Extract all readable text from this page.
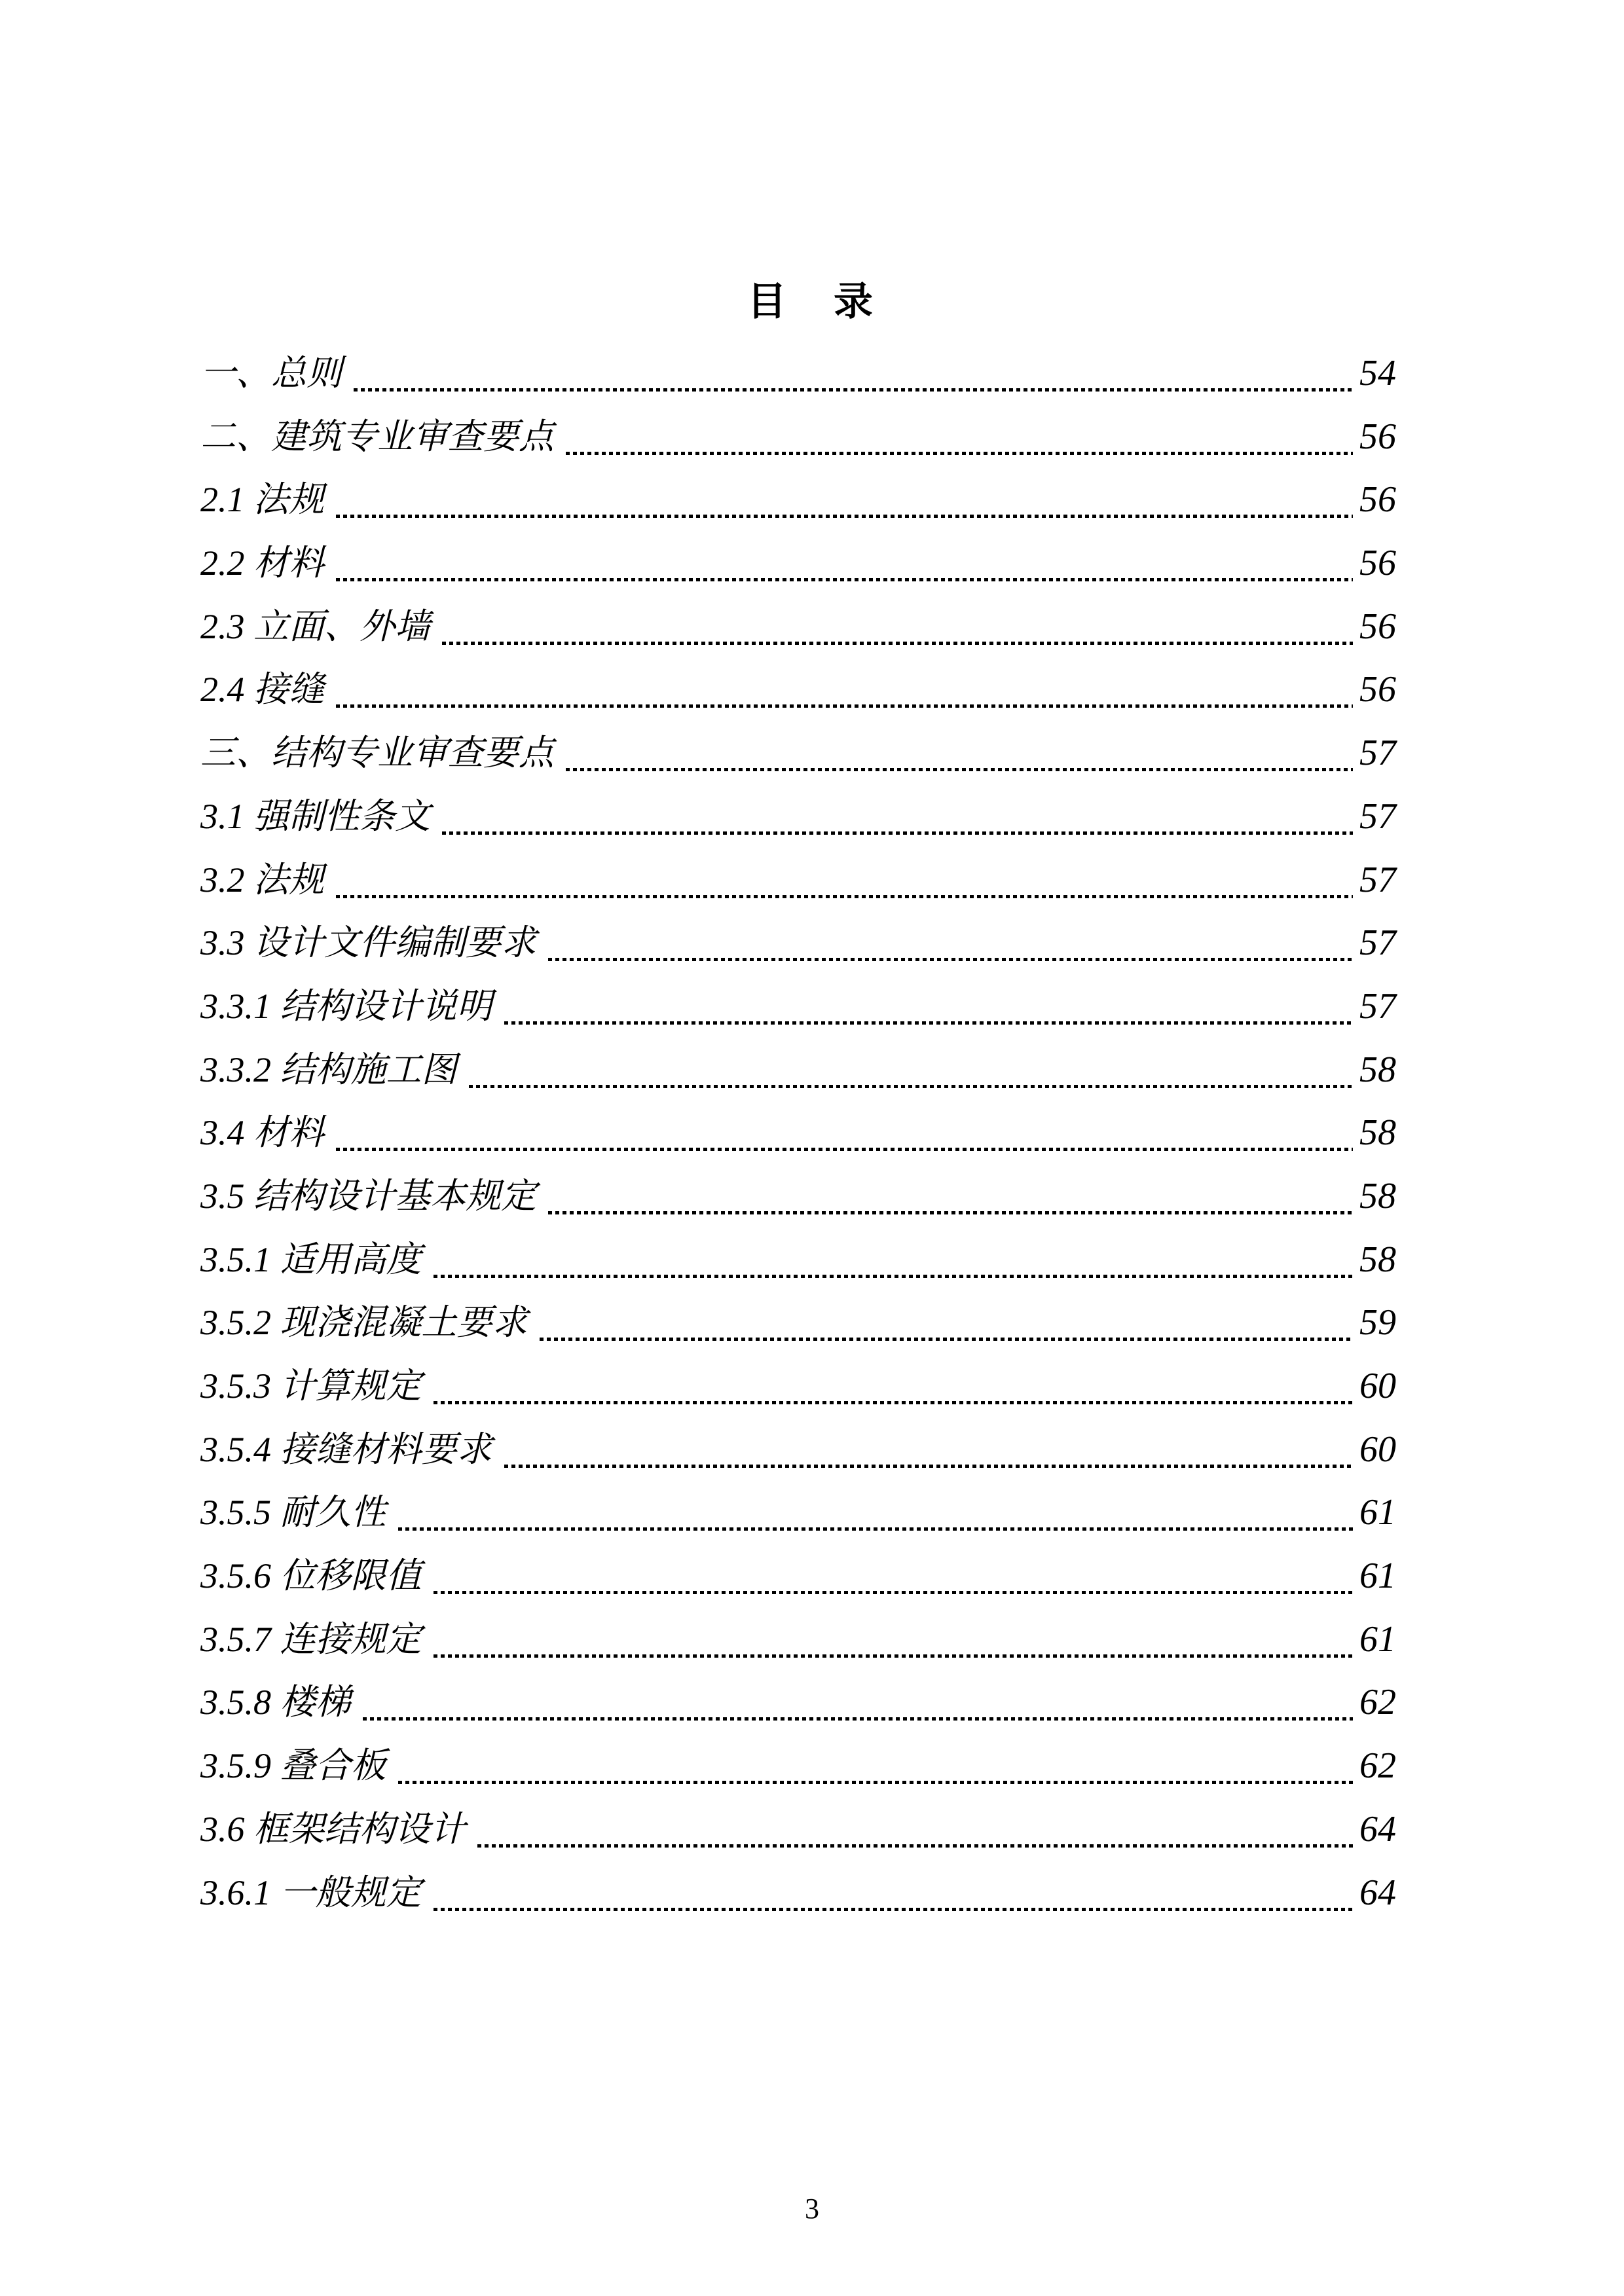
目　录
一、总则	54
二、建筑专业审查要点	56
2.1 法规	56
2.2 材料	56
2.3 立面、外墙	56
2.4 接缝	56
三、结构专业审查要点	57
3.1 强制性条文	57
3.2 法规	57
3.3 设计文件编制要求	57
3.3.1 结构设计说明	57
3.3.2 结构施工图	58
3.4 材料	58
3.5 结构设计基本规定	58
3.5.1 适用高度	58
3.5.2 现浇混凝土要求	59
3.5.3 计算规定	60
3.5.4 接缝材料要求	60
3.5.5 耐久性	61
3.5.6 位移限值	61
3.5.7 连接规定	61
3.5.8 楼梯	62
3.5.9 叠合板	62
3.6 框架结构设计	64
3.6.1 一般规定	64
3
